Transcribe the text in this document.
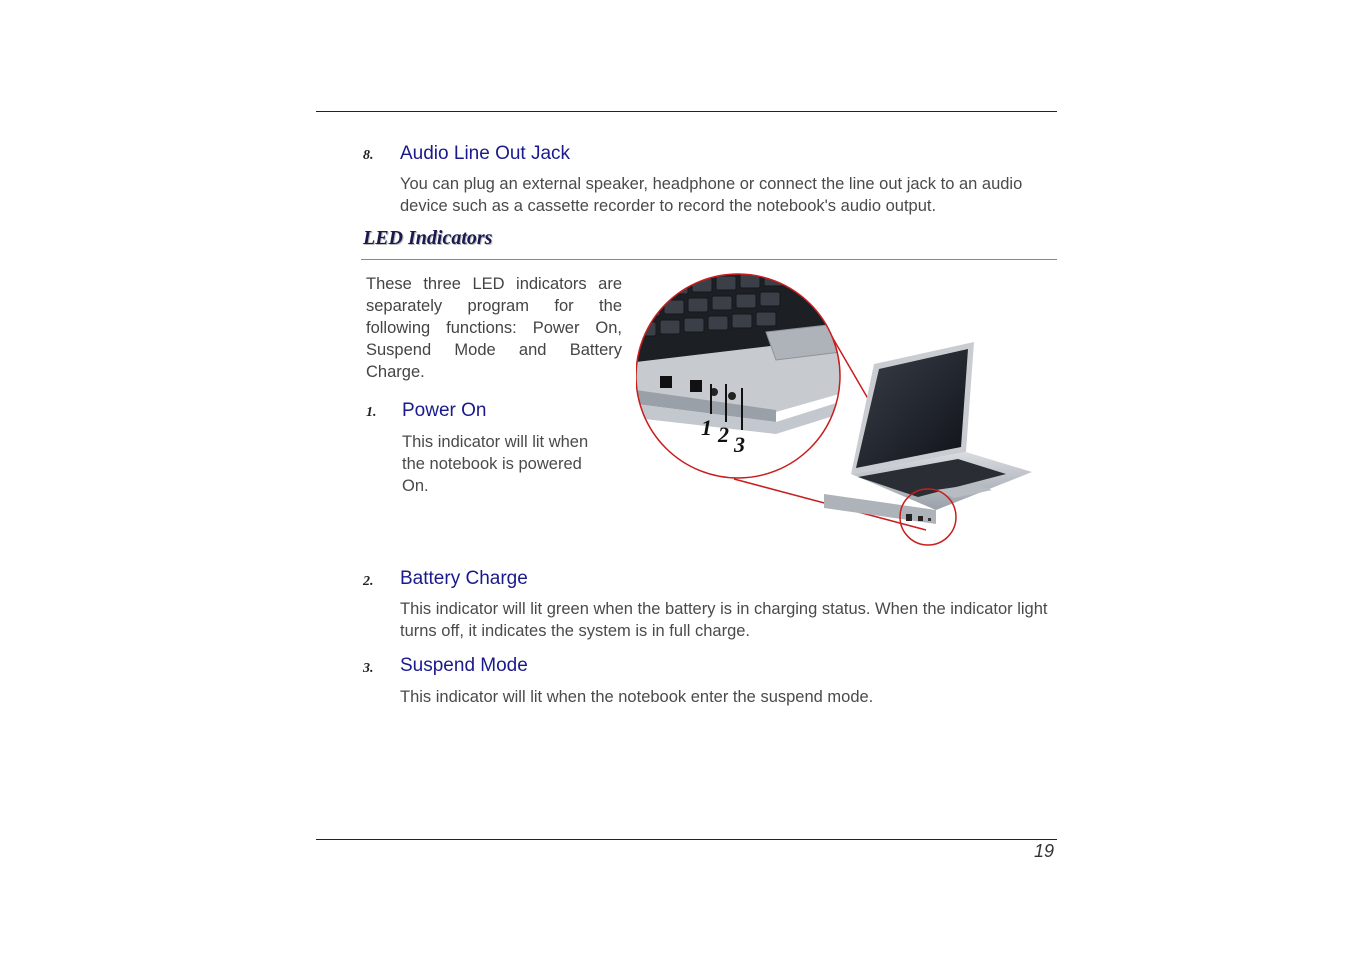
8. Audio Line Out Jack
You can plug an external speaker, headphone or connect the line out jack to an audio device such as a cassette recorder to record the notebook's audio output.
LED Indicators
These three LED indicators are separately program for the following functions: Power On, Suspend Mode and Battery Charge.
1. Power On
This indicator will lit when the notebook is powered On.
1 2 3
2. Battery Charge
This indicator will lit green when the battery is in charging status. When the indicator light turns off, it indicates the system is in full charge.
3. Suspend Mode
This indicator will lit when the notebook enter the suspend mode.
19
